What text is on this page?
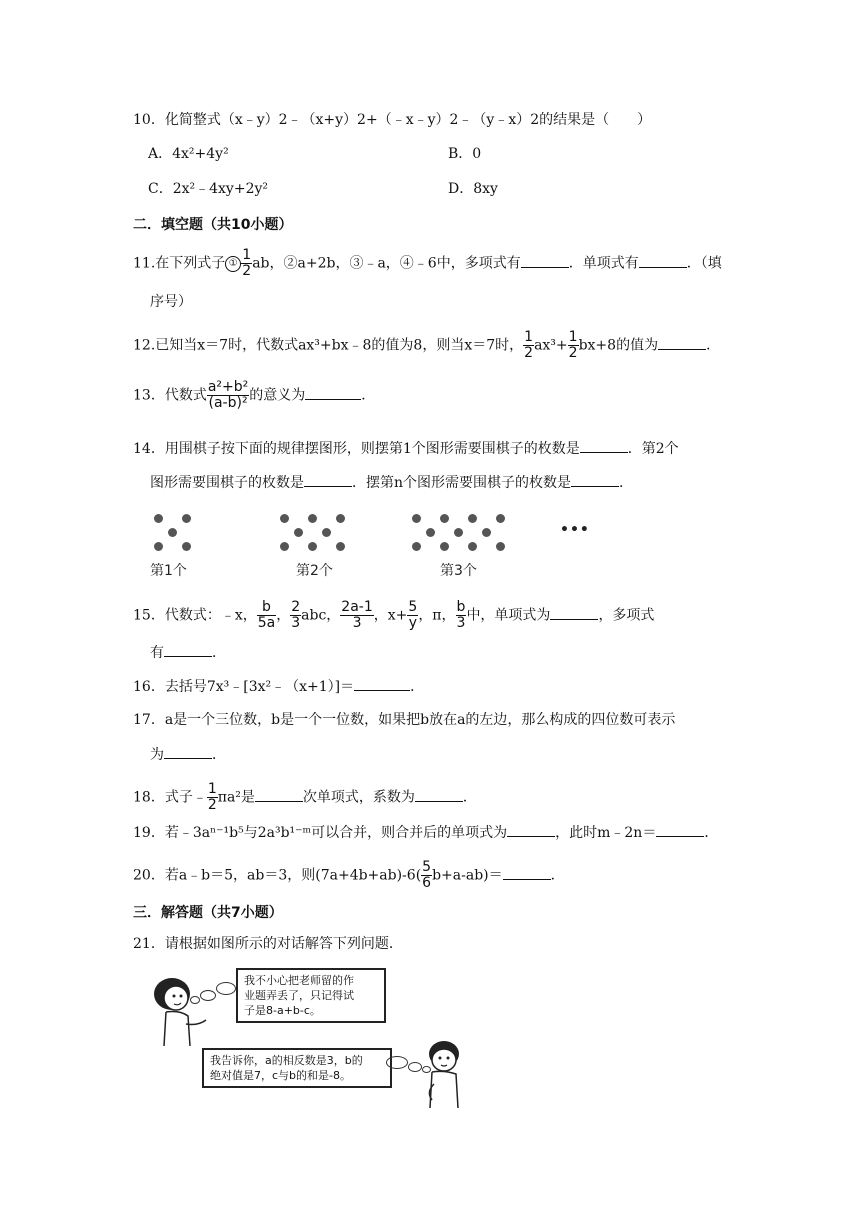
10．化简整式（x﹣y）2﹣（x+y）2+（﹣x﹣y）2﹣（y﹣x）2的结果是（　　）
A．4x²+4y²	B．0
C．2x²﹣4xy+2y²	D．8xy
二．填空题（共10小题）
11.在下列式子 ① $\frac{1}{2}$ ab，②a+2b，③﹣a，④﹣6中，多项式有	．单项式有	．（填
序号）
12.已知当x＝7时，代数式ax³+bx﹣8的值为8，则当x＝7时， $\frac{1}{2} ax^3+ \frac{1}{2} bx+8$的值为	．
13．代数式 $\frac{\text{a²+b²}}{\text{(a-b)²}}$ 的意义为	．
14．用围棋子按下面的规律摆图形，则摆第1个图形需要围棋子的枚数是	．第2个
图形需要围棋子的枚数是	．摆第n个图形需要围棋子的枚数是	．
•••
第1个	第2个	第3个
15．代数式：﹣x， $\frac{b}{5a}$ ， $\frac{2}{3}$ abc， $\frac{2a-1}{3}$ ，$x+ \frac{5}{y}$ ，π， $\frac{b}{3}$ 中，单项式为	，多项式
有	．
16．去括号7x³﹣[3x²﹣（x+1）]＝	．
17．a是一个三位数，b是一个一位数，如果把b放在a的左边，那么构成的四位数可表示
为	．
18．式子﹣ $\frac{1}{2} \pi a^2$是	次单项式，系数为	．
19．若﹣3aⁿ⁻¹b⁵与2a³b¹⁻ᵐ可以合并，则合并后的单项式为	，此时m﹣2n＝	．
20．若a﹣b＝5，ab＝3，则$(7a+4b+ab)-6( \frac{5}{6} b+a-ab)=$	．
三．解答题（共7小题）
21．请根据如图所示的对话解答下列问题．
我不小心把老师留的作
业题弄丢了，只记得试
子是8-a+b-c。
我告诉你，a的相反数是3，b的
绝对值是7，c与b的和是-8。
